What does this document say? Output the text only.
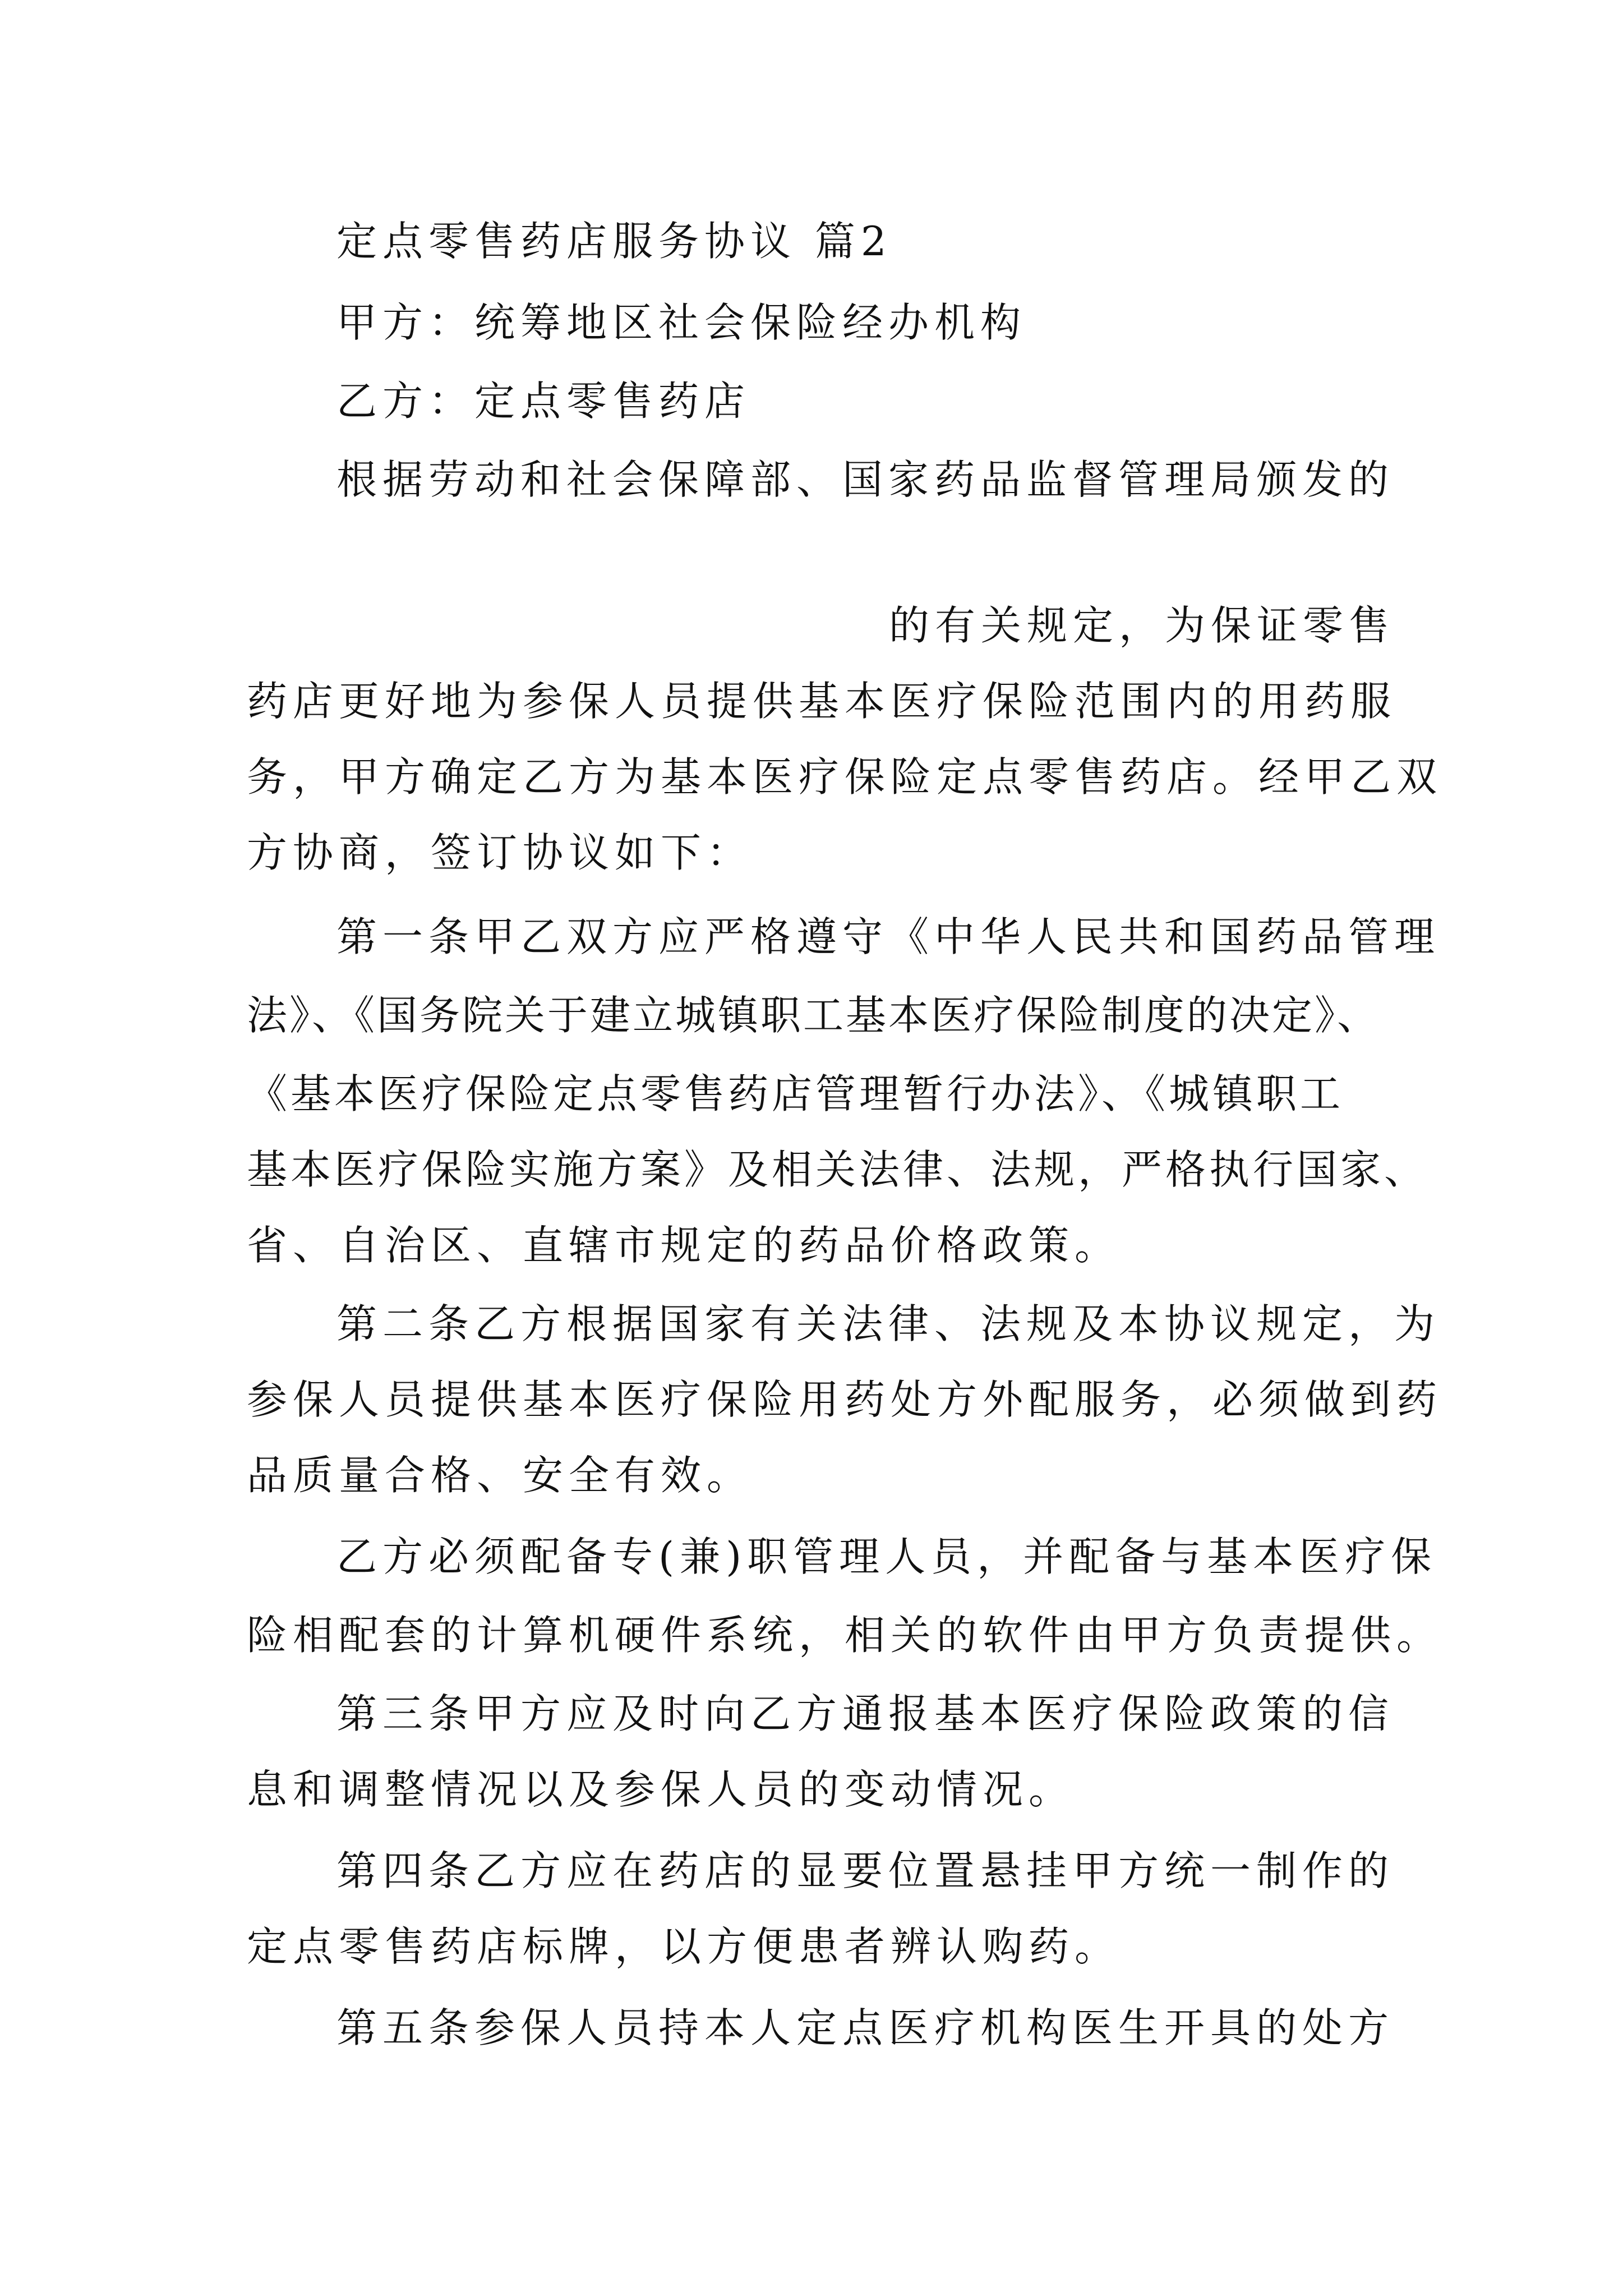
定点零售药店服务协议 篇2
甲方：统筹地区社会保险经办机构
乙方：定点零售药店
根据劳动和社会保障部、国家药品监督管理局颁发的
的有关规定，为保证零售
药店更好地为参保人员提供基本医疗保险范围内的用药服
务，甲方确定乙方为基本医疗保险定点零售药店。经甲乙双
方协商，签订协议如下：
第一条甲乙双方应严格遵守《中华人民共和国药品管理
法》、《国务院关于建立城镇职工基本医疗保险制度的决定》、
《基本医疗保险定点零售药店管理暂行办法》、《城镇职工
基本医疗保险实施方案》及相关法律、法规，严格执行国家、
省、自治区、直辖市规定的药品价格政策。
第二条乙方根据国家有关法律、法规及本协议规定，为
参保人员提供基本医疗保险用药处方外配服务，必须做到药
品质量合格、安全有效。
乙方必须配备专(兼)职管理人员，并配备与基本医疗保
险相配套的计算机硬件系统，相关的软件由甲方负责提供。
第三条甲方应及时向乙方通报基本医疗保险政策的信
息和调整情况以及参保人员的变动情况。
第四条乙方应在药店的显要位置悬挂甲方统一制作的
定点零售药店标牌，以方便患者辨认购药。
第五条参保人员持本人定点医疗机构医生开具的处方
